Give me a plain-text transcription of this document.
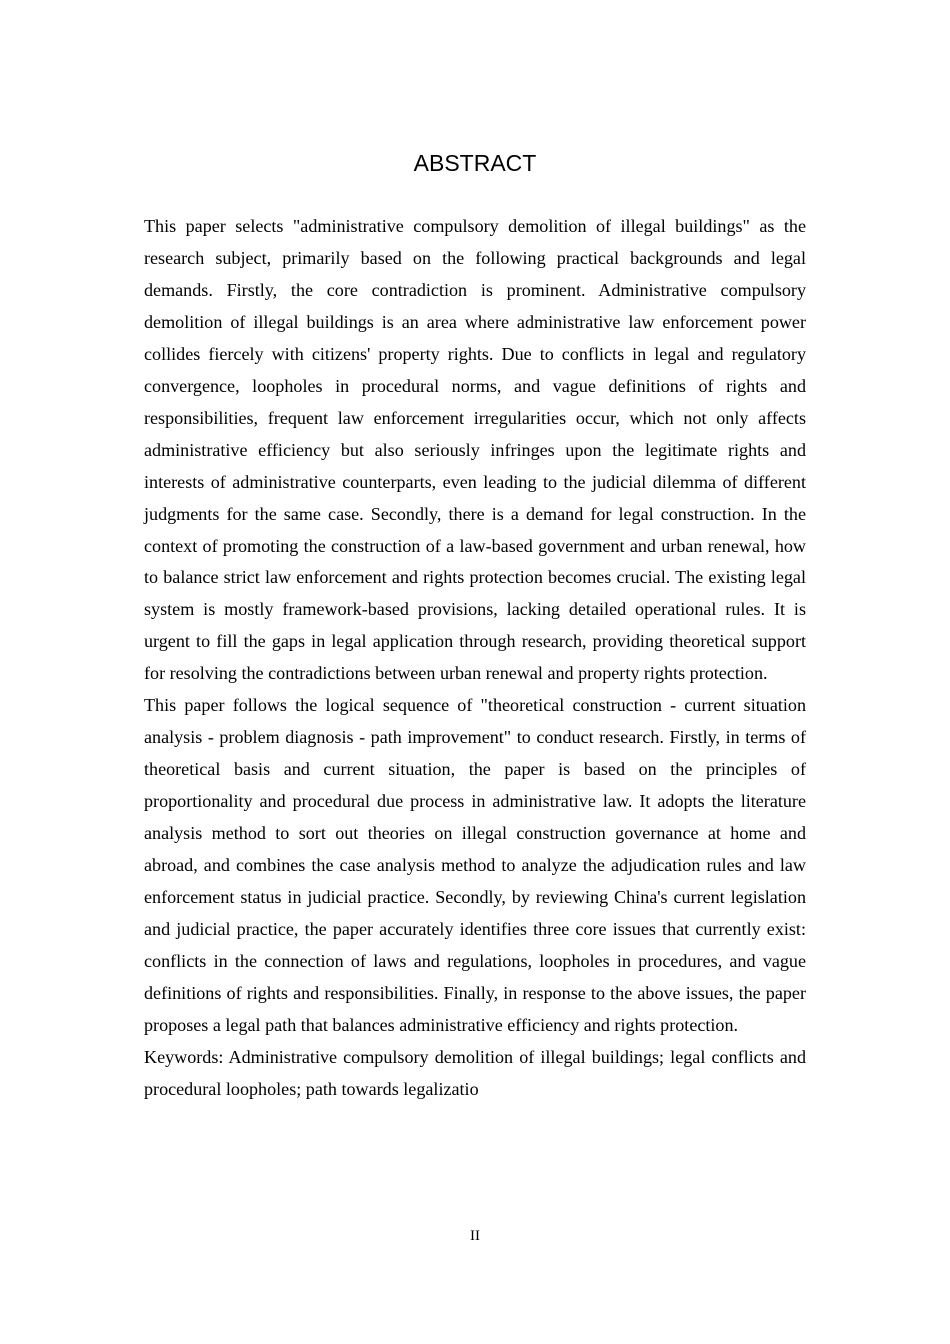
ABSTRACT

This paper selects "administrative compulsory demolition of illegal buildings" as the research subject, primarily based on the following practical backgrounds and legal demands. Firstly, the core contradiction is prominent. Administrative compulsory demolition of illegal buildings is an area where administrative law enforcement power collides fiercely with citizens' property rights. Due to conflicts in legal and regulatory convergence, loopholes in procedural norms, and vague definitions of rights and responsibilities, frequent law enforcement irregularities occur, which not only affects administrative efficiency but also seriously infringes upon the legitimate rights and interests of administrative counterparts, even leading to the judicial dilemma of different judgments for the same case. Secondly, there is a demand for legal construction. In the context of promoting the construction of a law-based government and urban renewal, how to balance strict law enforcement and rights protection becomes crucial. The existing legal system is mostly framework-based provisions, lacking detailed operational rules. It is urgent to fill the gaps in legal application through research, providing theoretical support for resolving the contradictions between urban renewal and property rights protection.

This paper follows the logical sequence of "theoretical construction - current situation analysis - problem diagnosis - path improvement" to conduct research. Firstly, in terms of theoretical basis and current situation, the paper is based on the principles of proportionality and procedural due process in administrative law. It adopts the literature analysis method to sort out theories on illegal construction governance at home and abroad, and combines the case analysis method to analyze the adjudication rules and law enforcement status in judicial practice. Secondly, by reviewing China's current legislation and judicial practice, the paper accurately identifies three core issues that currently exist: conflicts in the connection of laws and regulations, loopholes in procedures, and vague definitions of rights and responsibilities. Finally, in response to the above issues, the paper proposes a legal path that balances administrative efficiency and rights protection.

Keywords: Administrative compulsory demolition of illegal buildings; legal conflicts and procedural loopholes; path towards legalizatio

II
